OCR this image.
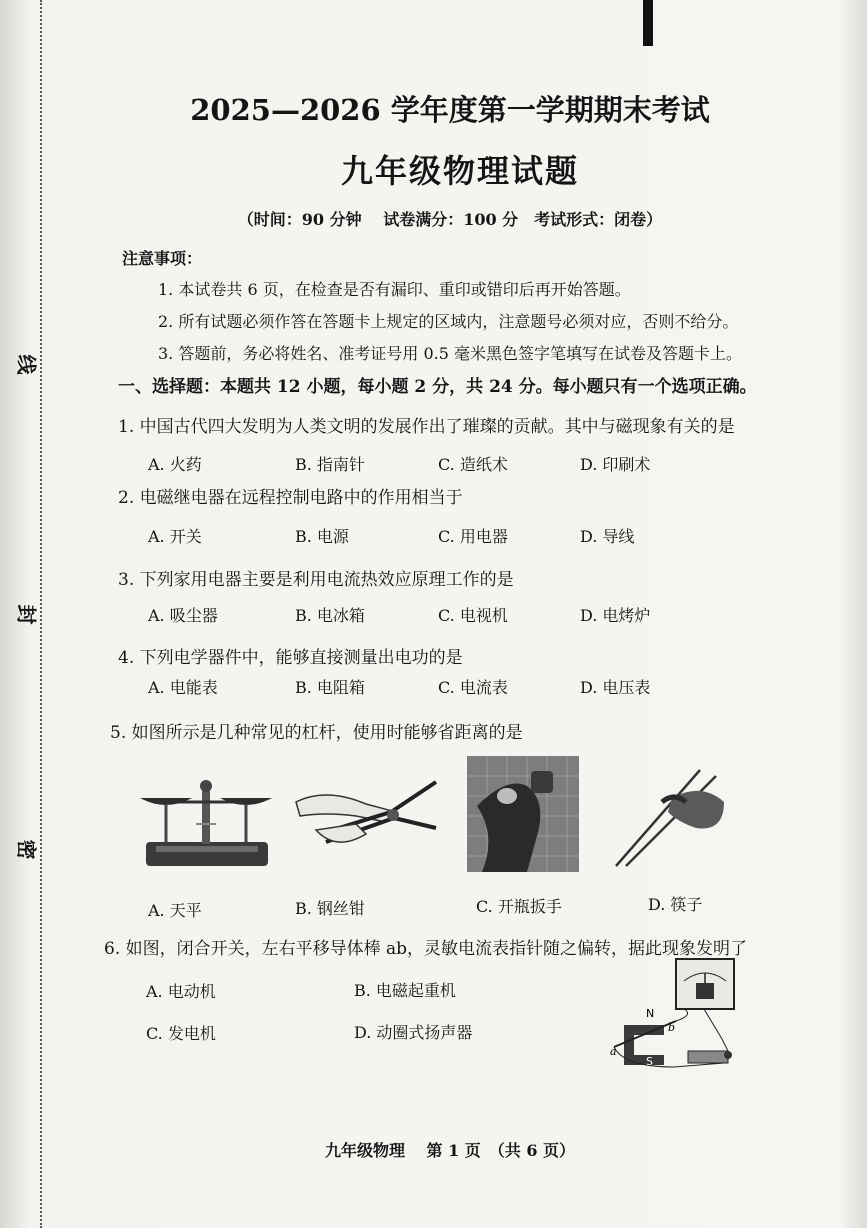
线
封
密
2025—2026 学年度第一学期期末考试
九年级物理试题
（时间：90 分钟　 试卷满分：100 分　考试形式：闭卷）
注意事项：
1. 本试卷共 6 页，在检查是否有漏印、重印或错印后再开始答题。
2. 所有试题必须作答在答题卡上规定的区域内，注意题号必须对应，否则不给分。
3. 答题前，务必将姓名、准考证号用 0.5 毫米黑色签字笔填写在试卷及答题卡上。
一、选择题：本题共 12 小题，每小题 2 分，共 24 分。每小题只有一个选项正确。
1. 中国古代四大发明为人类文明的发展作出了璀璨的贡献。其中与磁现象有关的是
A. 火药	B. 指南针	C. 造纸术	D. 印刷术
2. 电磁继电器在远程控制电路中的作用相当于
A. 开关	B. 电源	C. 用电器	D. 导线
3. 下列家用电器主要是利用电流热效应原理工作的是
A. 吸尘器	B. 电冰箱	C. 电视机	D. 电烤炉
4. 下列电学器件中，能够直接测量出电功的是
A. 电能表	B. 电阻箱	C. 电流表	D. 电压表
5. 如图所示是几种常见的杠杆，使用时能够省距离的是
A. 天平	B. 钢丝钳	C. 开瓶扳手	D. 筷子
6. 如图，闭合开关，左右平移导体棒 ab，灵敏电流表指针随之偏转，据此现象发明了
A. 电动机	B. 电磁起重机
C. 发电机	D. 动圈式扬声器
N
S
a
b
九年级物理　 第 1 页　（共 6 页）
